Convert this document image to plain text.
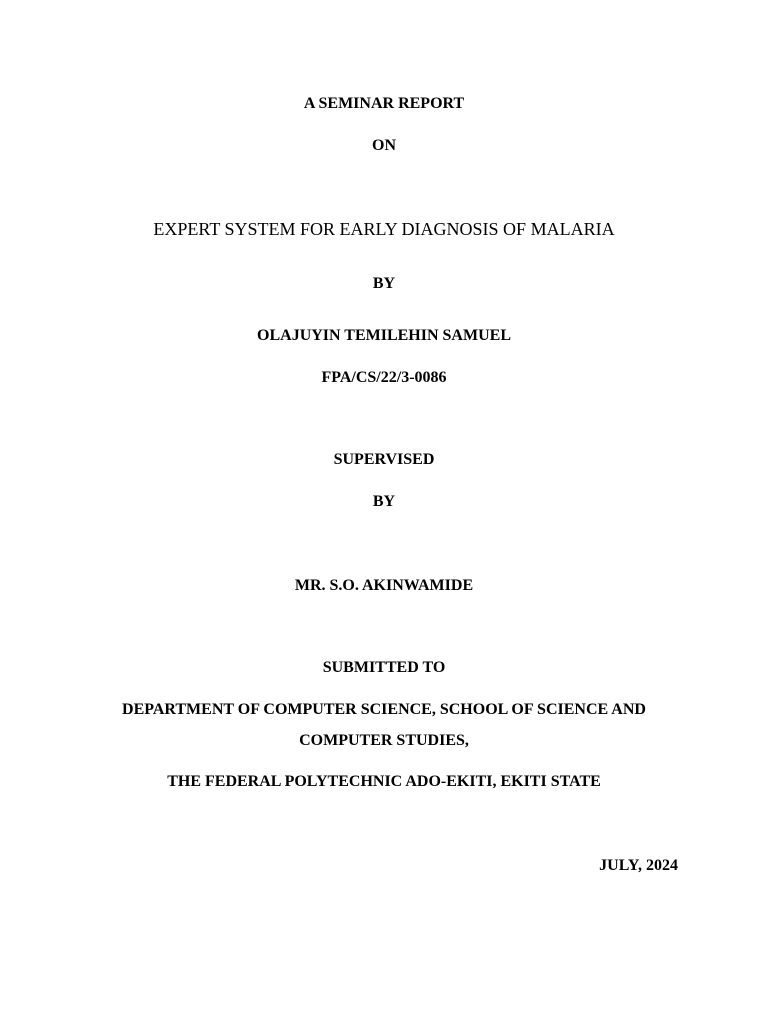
A SEMINAR REPORT
ON
EXPERT SYSTEM FOR EARLY DIAGNOSIS OF MALARIA
BY
OLAJUYIN TEMILEHIN SAMUEL
FPA/CS/22/3-0086
SUPERVISED
BY
MR. S.O. AKINWAMIDE
SUBMITTED TO
DEPARTMENT OF COMPUTER SCIENCE, SCHOOL OF SCIENCE AND
COMPUTER STUDIES,
THE FEDERAL POLYTECHNIC ADO-EKITI, EKITI STATE
JULY, 2024
